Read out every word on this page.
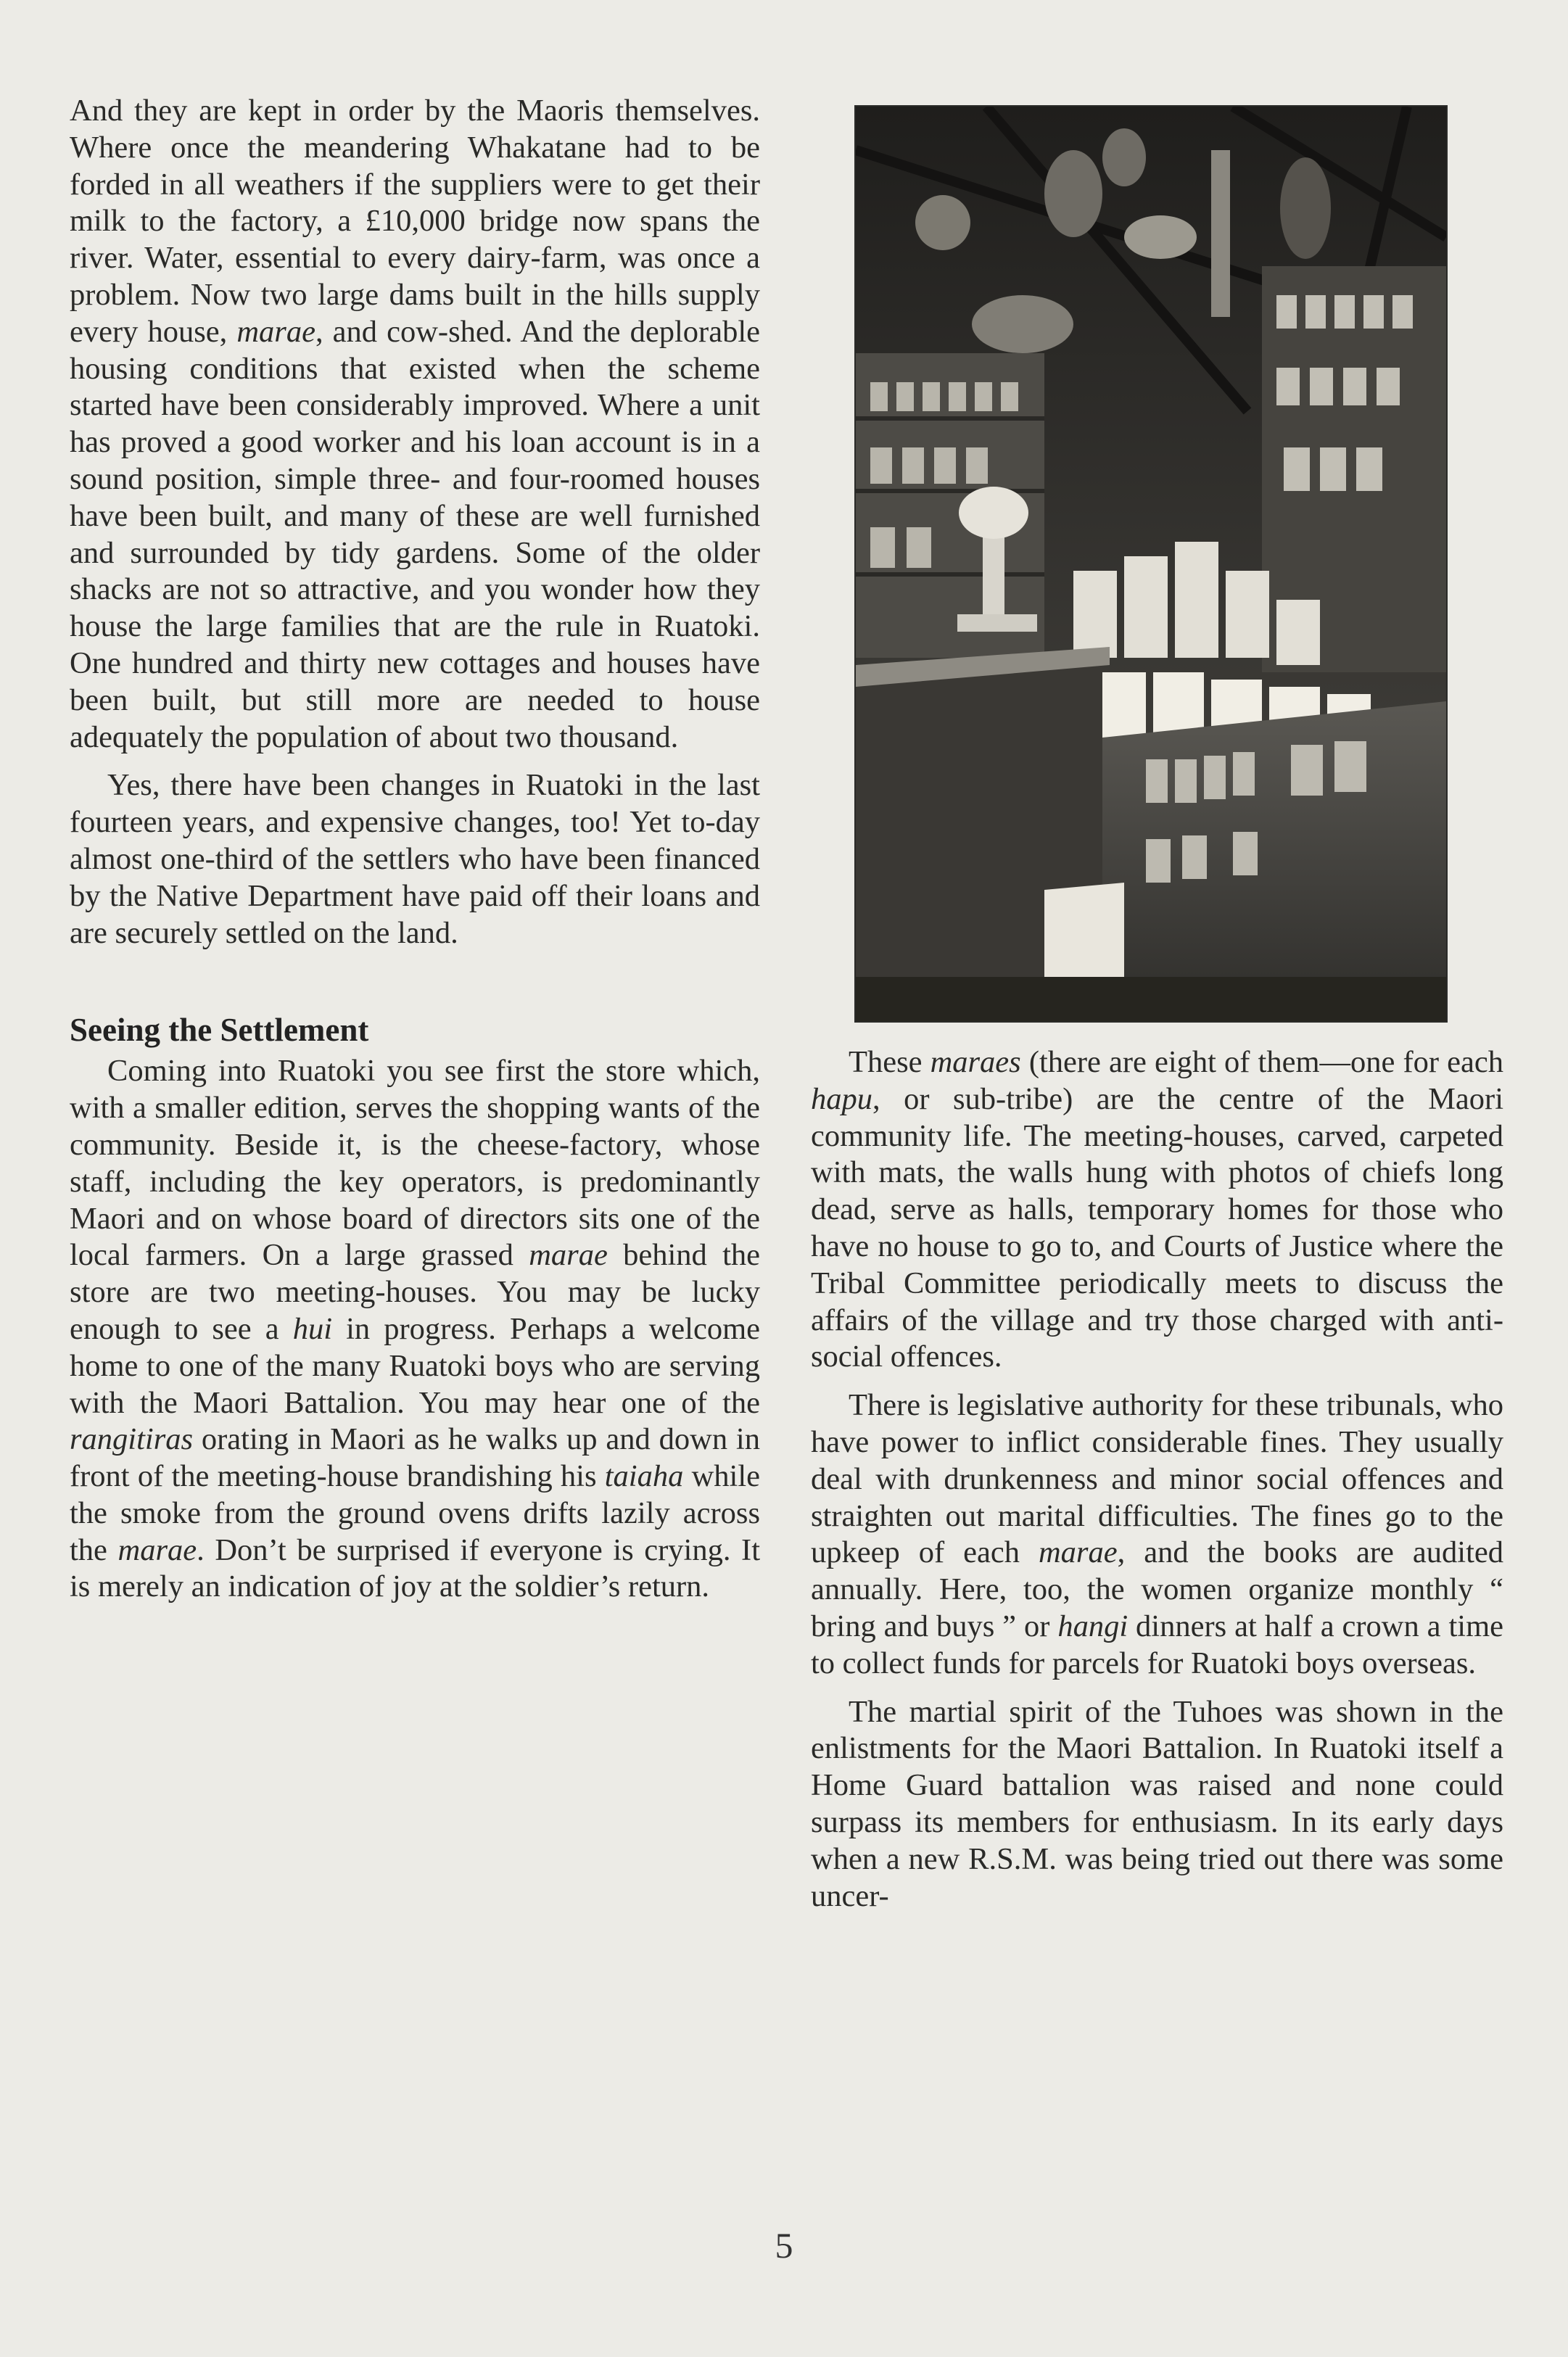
And they are kept in order by the Maoris themselves. Where once the meandering Whakatane had to be forded in all weathers if the suppliers were to get their milk to the factory, a £10,000 bridge now spans the river. Water, essential to every dairy-farm, was once a problem. Now two large dams built in the hills supply every house, marae, and cow-shed. And the deplorable housing conditions that existed when the scheme started have been considerably improved. Where a unit has proved a good worker and his loan account is in a sound position, simple three- and four-roomed houses have been built, and many of these are well furnished and surrounded by tidy gardens. Some of the older shacks are not so attractive, and you wonder how they house the large families that are the rule in Ruatoki. One hundred and thirty new cottages and houses have been built, but still more are needed to house adequately the population of about two thousand.

Yes, there have been changes in Ruatoki in the last fourteen years, and expensive changes, too! Yet to-day almost one-third of the settlers who have been financed by the Native Department have paid off their loans and are securely settled on the land.

Seeing the Settlement

Coming into Ruatoki you see first the store which, with a smaller edition, serves the shopping wants of the community. Beside it, is the cheese-factory, whose staff, including the key operators, is predominantly Maori and on whose board of directors sits one of the local farmers. On a large grassed marae behind the store are two meeting-houses. You may be lucky enough to see a hui in progress. Perhaps a welcome home to one of the many Ruatoki boys who are serving with the Maori Battalion. You may hear one of the rangitiras orating in Maori as he walks up and down in front of the meeting-house brandishing his taiaha while the smoke from the ground ovens drifts lazily across the marae. Don’t be surprised if everyone is crying. It is merely an indication of joy at the soldier’s return.

These maraes (there are eight of them—one for each hapu, or sub-tribe) are the centre of the Maori community life. The meeting-houses, carved, carpeted with mats, the walls hung with photos of chiefs long dead, serve as halls, temporary homes for those who have no house to go to, and Courts of Justice where the Tribal Committee periodically meets to discuss the affairs of the village and try those charged with anti-social offences.

There is legislative authority for these tribunals, who have power to inflict considerable fines. They usually deal with drunkenness and minor social offences and straighten out marital difficulties. The fines go to the upkeep of each marae, and the books are audited annually. Here, too, the women organize monthly “ bring and buys ” or hangi dinners at half a crown a time to collect funds for parcels for Ruatoki boys overseas.

The martial spirit of the Tuhoes was shown in the enlistments for the Maori Battalion. In Ruatoki itself a Home Guard battalion was raised and none could surpass its members for enthusiasm. In its early days when a new R.S.M. was being tried out there was some uncer-

5
